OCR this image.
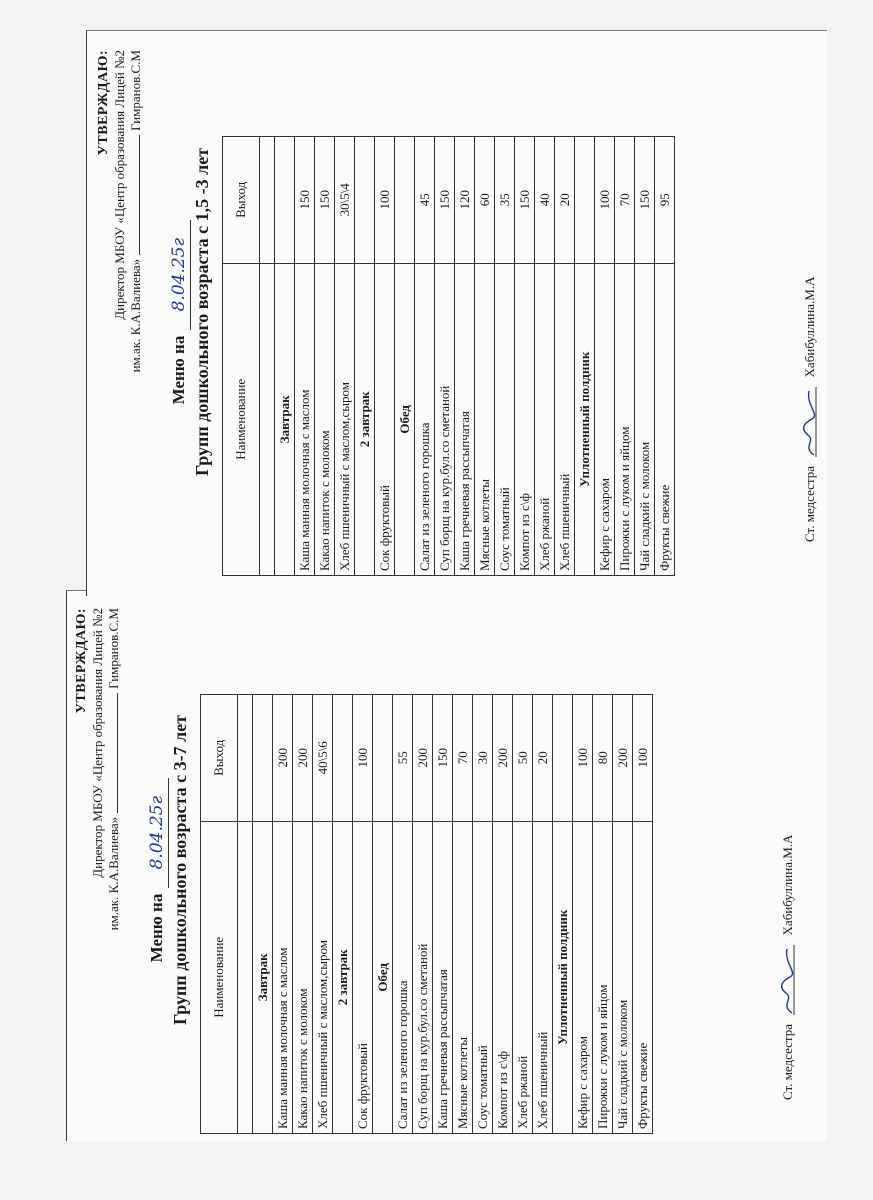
УТВЕРЖДАЮ: Директор МБОУ «Центр образования Лицей №2 им.ак. К.А.Валиева»Гимранов.С.М
Меню на8.04.25г Групп дошкольного возраста с 3-7 лет Наименование	Выход

Завтрак	
Каша манная молочная с маслом	200
Какао напиток с молоком	200
Хлеб пшеничный с маслом,сыром	40\5\6
2 завтрак	
Сок фруктовый	100
Обед	
Салат из зеленого горошка	55
Суп борщ на кур.бул.со сметаной	200
Каша гречневая рассыпчатая	150
Мясные котлеты	70
Соус томатный	30
Компот из с\ф	200
Хлеб ржаной	50
Хлеб пшеничный	20
Уплотненный полдник	
Кефир с сахаром	100
Пирожки с луком и яйцом	80
Чай сладкий с молоком	200
Фрукты свежие	100
Ст. медсестра  Хабибуллина.М.А
УТВЕРЖДАЮ: Директор МБОУ «Центр образования Лицей №2 им.ак. К.А.Валиева»Гимранов.С.М
Меню на8.04.25г Групп дошкольного возраста с 1,5 -3 лет Наименование	Выход

Завтрак	
Каша манная молочная с маслом	150
Какао напиток с молоком	150
Хлеб пшеничный с маслом,сыром	30\5\4
2 завтрак	
Сок фруктовый	100
Обед	
Салат из зеленого горошка	45
Суп борщ на кур.бул.со сметаной	150
Каша гречневая рассыпчатая	120
Мясные котлеты	60
Соус томатный	35
Компот из с\ф	150
Хлеб ржаной	40
Хлеб пшеничный	20
Уплотненный полдник	
Кефир с сахаром	100
Пирожки с луком и яйцом	70
Чай сладкий с молоком	150
Фрукты свежие	95
Ст. медсестра  Хабибуллина.М.А
